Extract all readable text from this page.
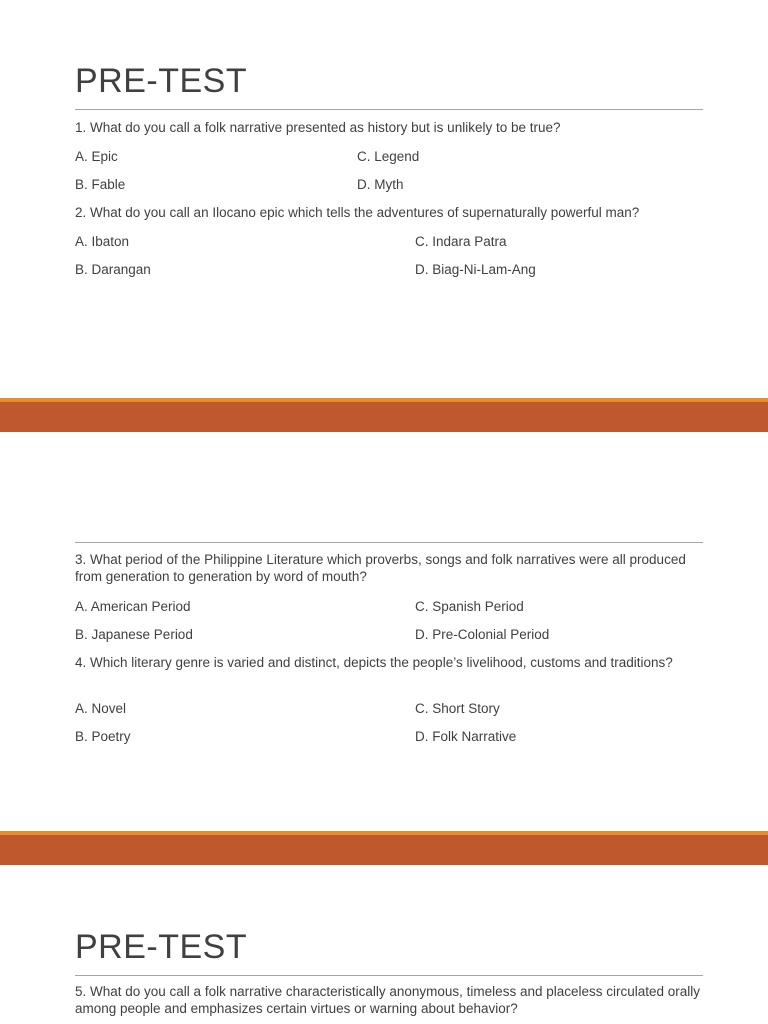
PRE-TEST
1. What do you call a folk narrative presented as history but is unlikely to be true?
A. Epic	C. Legend
B. Fable	D. Myth
2. What do you call an Ilocano epic which tells the adventures of supernaturally powerful man?
A. Ibaton	C. Indara Patra
B. Darangan	D. Biag-Ni-Lam-Ang
3. What period of the Philippine Literature which proverbs, songs and folk narratives were all produced from generation to generation by word of mouth?
A. American Period	C. Spanish Period
B. Japanese Period	D. Pre-Colonial Period
4. Which literary genre is varied and distinct, depicts the people’s livelihood, customs and traditions?
A. Novel	C. Short Story
B. Poetry	D. Folk Narrative
PRE-TEST
5. What do you call a folk narrative characteristically anonymous, timeless and placeless circulated orally among people and emphasizes certain virtues or warning about behavior?
